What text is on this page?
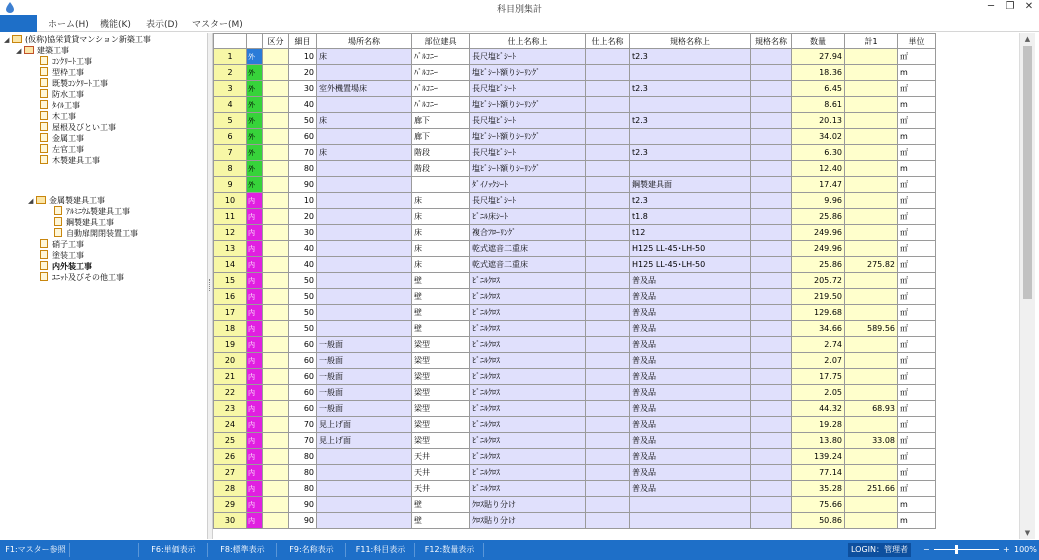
科目別集計	─	❐	✕
ホーム(H) 機能(K) 表示(D) マスター(M)
◢ (仮称)協栄賃貸マンション新築工事
◢ 建築工事
ｺﾝｸﾘｰﾄ工事
型枠工事
既製ｺﾝｸﾘｰﾄ工事
防水工事
ﾀｲﾙ工事
木工事
屋根及びとい工事
金属工事
左官工事
木製建具工事
◢ 金属製建具工事
ｱﾙﾐﾆｳﾑ製建具工事
鋼製建具工事
自動扉開閉装置工事
硝子工事
塗装工事
内外装工事
ﾕﾆｯﾄ及びその他工事
		区分	細目	場所名称	部位建具	仕上名称上	仕上名称	規格名称上	規格名称	数量	計1	単位
1	外		10	床	ﾊﾞﾙｺﾆｰ	長尺塩ﾋﾞｼｰﾄ		t2.3		27.94		㎡
2	外		20		ﾊﾞﾙｺﾆｰ	塩ﾋﾞｼｰﾄ額りｼｰﾘﾝｸﾞ				18.36		m
3	外		30	室外機置場床	ﾊﾞﾙｺﾆｰ	長尺塩ﾋﾞｼｰﾄ		t2.3		6.45		㎡
4	外		40		ﾊﾞﾙｺﾆｰ	塩ﾋﾞｼｰﾄ額りｼｰﾘﾝｸﾞ				8.61		m
5	外		50	床	廊下	長尺塩ﾋﾞｼｰﾄ		t2.3		20.13		㎡
6	外		60		廊下	塩ﾋﾞｼｰﾄ額りｼｰﾘﾝｸﾞ				34.02		m
7	外		70	床	階段	長尺塩ﾋﾞｼｰﾄ		t2.3		6.30		㎡
8	外		80		階段	塩ﾋﾞｼｰﾄ額りｼｰﾘﾝｸﾞ				12.40		m
9	外		90			ﾀﾞｲﾉｯｸｼｰﾄ		鋼製建具面		17.47		㎡
10	内		10		床	長尺塩ﾋﾞｼｰﾄ		t2.3		9.96		㎡
11	内		20		床	ﾋﾞﾆﾙ床ｼｰﾄ		t1.8		25.86		㎡
12	内		30		床	複合ﾌﾛｰﾘﾝｸﾞ		t12		249.96		㎡
13	内		40		床	乾式遮音二重床		H125 LL-45･LH-50		249.96		㎡
14	内		40		床	乾式遮音二重床		H125 LL-45･LH-50		25.86	275.82	㎡
15	内		50		壁	ﾋﾞﾆﾙｸﾛｽ		普及品		205.72		㎡
16	内		50		壁	ﾋﾞﾆﾙｸﾛｽ		普及品		219.50		㎡
17	内		50		壁	ﾋﾞﾆﾙｸﾛｽ		普及品		129.68		㎡
18	内		50		壁	ﾋﾞﾆﾙｸﾛｽ		普及品		34.66	589.56	㎡
19	内		60	一般面	梁型	ﾋﾞﾆﾙｸﾛｽ		普及品		2.74		㎡
20	内		60	一般面	梁型	ﾋﾞﾆﾙｸﾛｽ		普及品		2.07		㎡
21	内		60	一般面	梁型	ﾋﾞﾆﾙｸﾛｽ		普及品		17.75		㎡
22	内		60	一般面	梁型	ﾋﾞﾆﾙｸﾛｽ		普及品		2.05		㎡
23	内		60	一般面	梁型	ﾋﾞﾆﾙｸﾛｽ		普及品		44.32	68.93	㎡
24	内		70	見上げ面	梁型	ﾋﾞﾆﾙｸﾛｽ		普及品		19.28		㎡
25	内		70	見上げ面	梁型	ﾋﾞﾆﾙｸﾛｽ		普及品		13.80	33.08	㎡
26	内		80		天井	ﾋﾞﾆﾙｸﾛｽ		普及品		139.24		㎡
27	内		80		天井	ﾋﾞﾆﾙｸﾛｽ		普及品		77.14		㎡
28	内		80		天井	ﾋﾞﾆﾙｸﾛｽ		普及品		35.28	251.66	㎡
29	内		90		壁	ｸﾛｽ貼り分け				75.66		m
30	内		90		壁	ｸﾛｽ貼り分け				50.86		m
▲
▼
F1:マスター参照	F6:単価表示	F8:標準表示	F9:名称表示	F11:科目表示	F12:数量表示	LOGIN：管理者	−	+ 100%
